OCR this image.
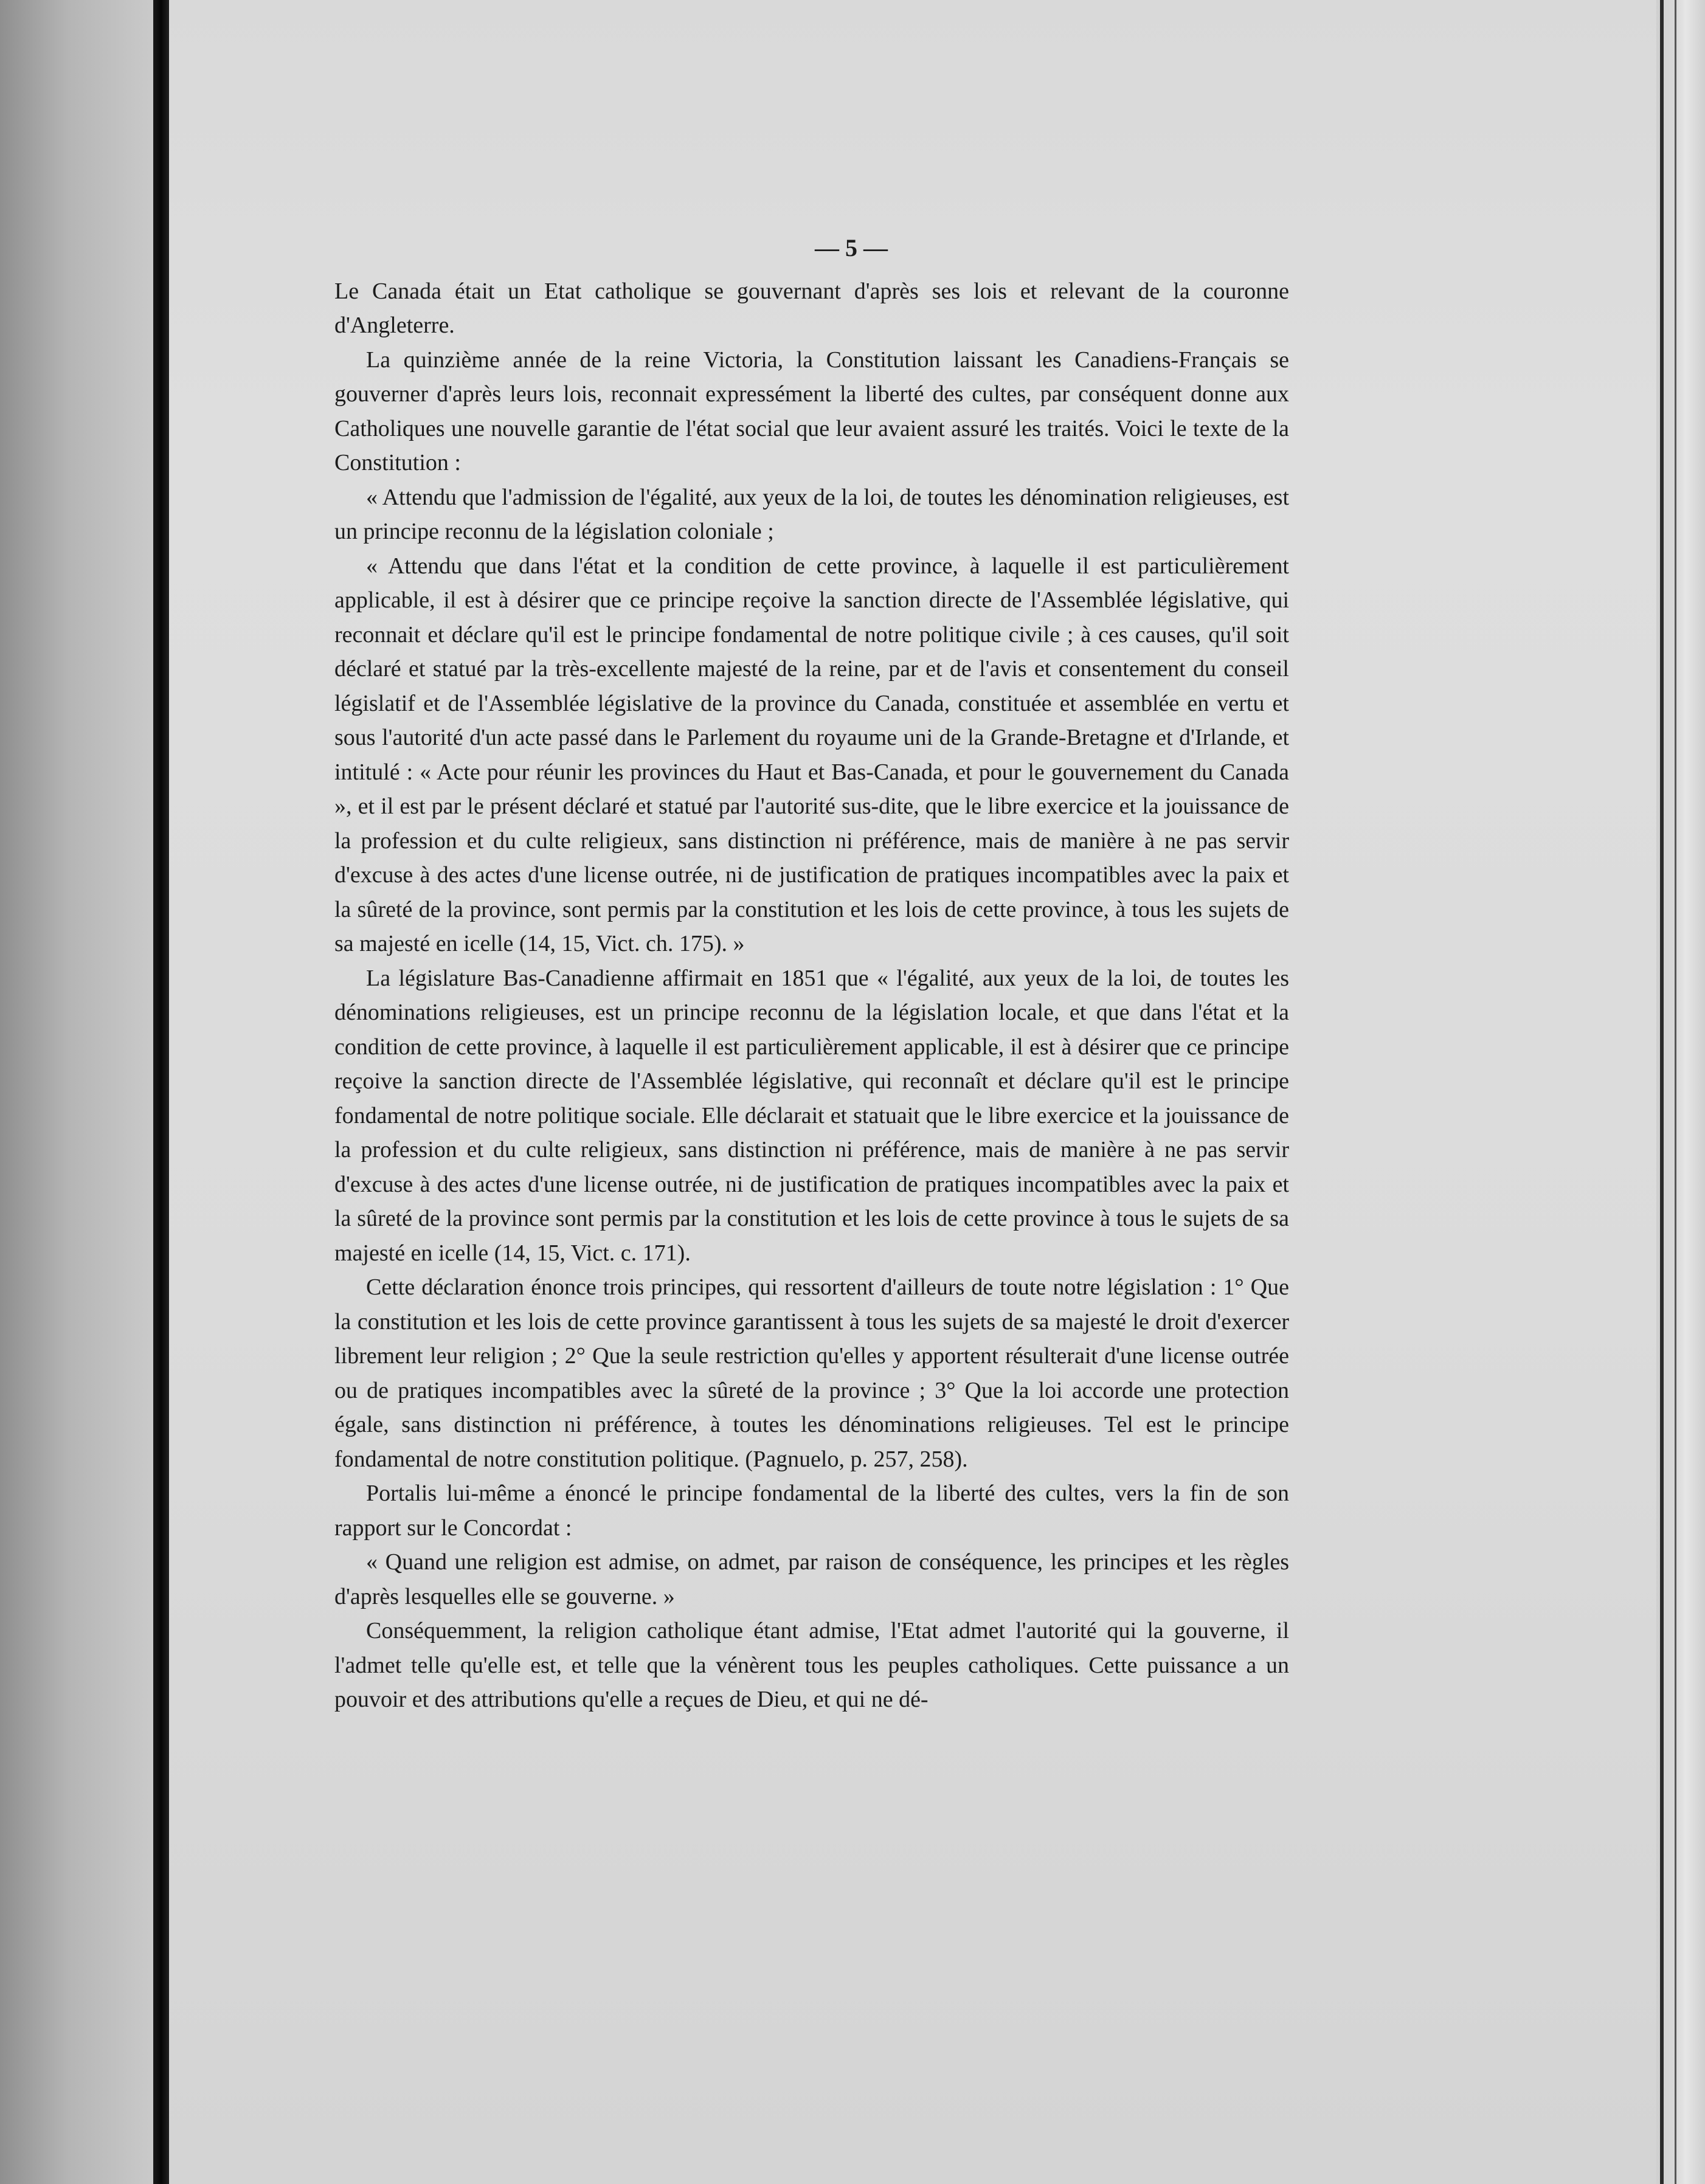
— 5 —

Le Canada était un Etat catholique se gouvernant d'après ses lois et relevant de la couronne d'Angleterre.

La quinzième année de la reine Victoria, la Constitution laissant les Canadiens-Français se gouverner d'après leurs lois, reconnait expressément la liberté des cultes, par conséquent donne aux Catholiques une nouvelle garantie de l'état social que leur avaient assuré les traités. Voici le texte de la Constitution :

« Attendu que l'admission de l'égalité, aux yeux de la loi, de toutes les dénomination religieuses, est un principe reconnu de la législation coloniale ;

« Attendu que dans l'état et la condition de cette province, à laquelle il est particulièrement applicable, il est à désirer que ce principe reçoive la sanction directe de l'Assemblée législative, qui reconnait et déclare qu'il est le principe fondamental de notre politique civile ; à ces causes, qu'il soit déclaré et statué par la très-excellente majesté de la reine, par et de l'avis et consentement du conseil législatif et de l'Assemblée législative de la province du Canada, constituée et assemblée en vertu et sous l'autorité d'un acte passé dans le Parlement du royaume uni de la Grande-Bretagne et d'Irlande, et intitulé : « Acte pour réunir les provinces du Haut et Bas-Canada, et pour le gouvernement du Canada », et il est par le présent déclaré et statué par l'autorité sus-dite, que le libre exercice et la jouissance de la profession et du culte religieux, sans distinction ni préférence, mais de manière à ne pas servir d'excuse à des actes d'une license outrée, ni de justification de pratiques incompatibles avec la paix et la sûreté de la province, sont permis par la constitution et les lois de cette province, à tous les sujets de sa majesté en icelle (14, 15, Vict. ch. 175). »

La législature Bas-Canadienne affirmait en 1851 que « l'égalité, aux yeux de la loi, de toutes les dénominations religieuses, est un principe reconnu de la législation locale, et que dans l'état et la condition de cette province, à laquelle il est particulièrement applicable, il est à désirer que ce principe reçoive la sanction directe de l'Assemblée législative, qui reconnaît et déclare qu'il est le principe fondamental de notre politique sociale. Elle déclarait et statuait que le libre exercice et la jouissance de la profession et du culte religieux, sans distinction ni préférence, mais de manière à ne pas servir d'excuse à des actes d'une license outrée, ni de justification de pratiques incompatibles avec la paix et la sûreté de la province sont permis par la constitution et les lois de cette province à tous le sujets de sa majesté en icelle (14, 15, Vict. c. 171).

Cette déclaration énonce trois principes, qui ressortent d'ailleurs de toute notre législation : 1° Que la constitution et les lois de cette province garantissent à tous les sujets de sa majesté le droit d'exercer librement leur religion ; 2° Que la seule restriction qu'elles y apportent résulterait d'une license outrée ou de pratiques incompatibles avec la sûreté de la province ; 3° Que la loi accorde une protection égale, sans distinction ni préférence, à toutes les dénominations religieuses. Tel est le principe fondamental de notre constitution politique. (Pagnuelo, p. 257, 258).

Portalis lui-même a énoncé le principe fondamental de la liberté des cultes, vers la fin de son rapport sur le Concordat :

« Quand une religion est admise, on admet, par raison de conséquence, les principes et les règles d'après lesquelles elle se gouverne. »

Conséquemment, la religion catholique étant admise, l'Etat admet l'autorité qui la gouverne, il l'admet telle qu'elle est, et telle que la vénèrent tous les peuples catholiques. Cette puissance a un pouvoir et des attributions qu'elle a reçues de Dieu, et qui ne dé-
